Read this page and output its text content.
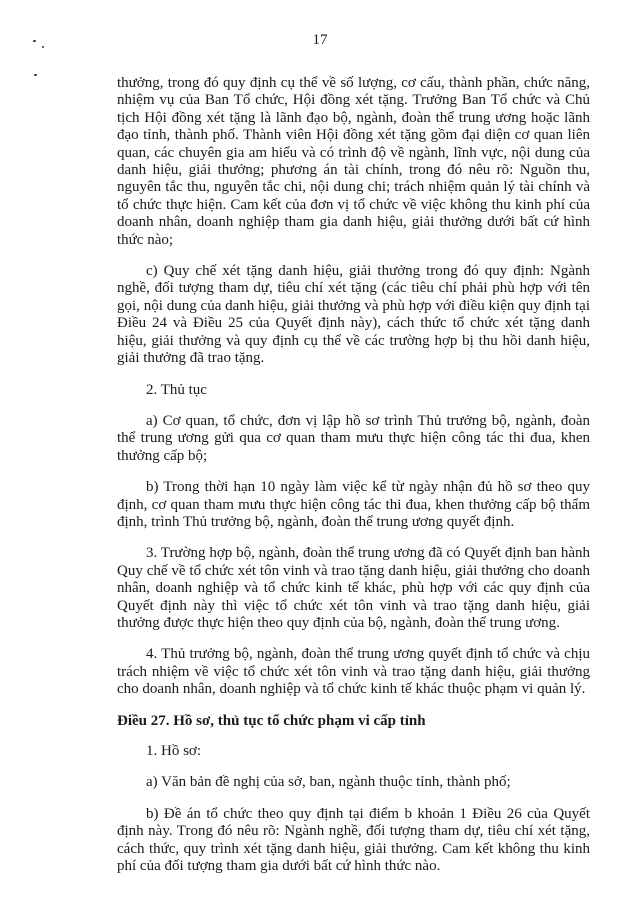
17

thưởng, trong đó quy định cụ thể về số lượng, cơ cấu, thành phần, chức năng, nhiệm vụ của Ban Tổ chức, Hội đồng xét tặng. Trưởng Ban Tổ chức và Chủ tịch Hội đồng xét tặng là lãnh đạo bộ, ngành, đoàn thể trung ương hoặc lãnh đạo tỉnh, thành phố. Thành viên Hội đồng xét tặng gồm đại diện cơ quan liên quan, các chuyên gia am hiểu và có trình độ về ngành, lĩnh vực, nội dung của danh hiệu, giải thưởng; phương án tài chính, trong đó nêu rõ: Nguồn thu, nguyên tắc thu, nguyên tắc chi, nội dung chi; trách nhiệm quản lý tài chính và tổ chức thực hiện. Cam kết của đơn vị tổ chức về việc không thu kinh phí của doanh nhân, doanh nghiệp tham gia danh hiệu, giải thưởng dưới bất cứ hình thức nào;

c) Quy chế xét tặng danh hiệu, giải thưởng trong đó quy định: Ngành nghề, đối tượng tham dự, tiêu chí xét tặng (các tiêu chí phải phù hợp với tên gọi, nội dung của danh hiệu, giải thưởng và phù hợp với điều kiện quy định tại Điều 24 và Điều 25 của Quyết định này), cách thức tổ chức xét tặng danh hiệu, giải thưởng và quy định cụ thể về các trường hợp bị thu hồi danh hiệu, giải thưởng đã trao tặng.

2. Thủ tục

a) Cơ quan, tổ chức, đơn vị lập hồ sơ trình Thủ trưởng bộ, ngành, đoàn thể trung ương gửi qua cơ quan tham mưu thực hiện công tác thi đua, khen thưởng cấp bộ;

b) Trong thời hạn 10 ngày làm việc kể từ ngày nhận đủ hồ sơ theo quy định, cơ quan tham mưu thực hiện công tác thi đua, khen thưởng cấp bộ thẩm định, trình Thủ trưởng bộ, ngành, đoàn thể trung ương quyết định.

3. Trường hợp bộ, ngành, đoàn thể trung ương đã có Quyết định ban hành Quy chế về tổ chức xét tôn vinh và trao tặng danh hiệu, giải thưởng cho doanh nhân, doanh nghiệp và tổ chức kinh tế khác, phù hợp với các quy định của Quyết định này thì việc tổ chức xét tôn vinh và trao tặng danh hiệu, giải thưởng được thực hiện theo quy định của bộ, ngành, đoàn thể trung ương.

4. Thủ trưởng bộ, ngành, đoàn thể trung ương quyết định tổ chức và chịu trách nhiệm về việc tổ chức xét tôn vinh và trao tặng danh hiệu, giải thưởng cho doanh nhân, doanh nghiệp và tổ chức kinh tế khác thuộc phạm vi quản lý.

Điều 27. Hồ sơ, thủ tục tổ chức phạm vi cấp tỉnh

1. Hồ sơ:

a) Văn bản đề nghị của sở, ban, ngành thuộc tỉnh, thành phố;

b) Đề án tổ chức theo quy định tại điểm b khoản 1 Điều 26 của Quyết định này. Trong đó nêu rõ: Ngành nghề, đối tượng tham dự, tiêu chí xét tặng, cách thức, quy trình xét tặng danh hiệu, giải thưởng. Cam kết không thu kinh phí của đối tượng tham gia dưới bất cứ hình thức nào.
